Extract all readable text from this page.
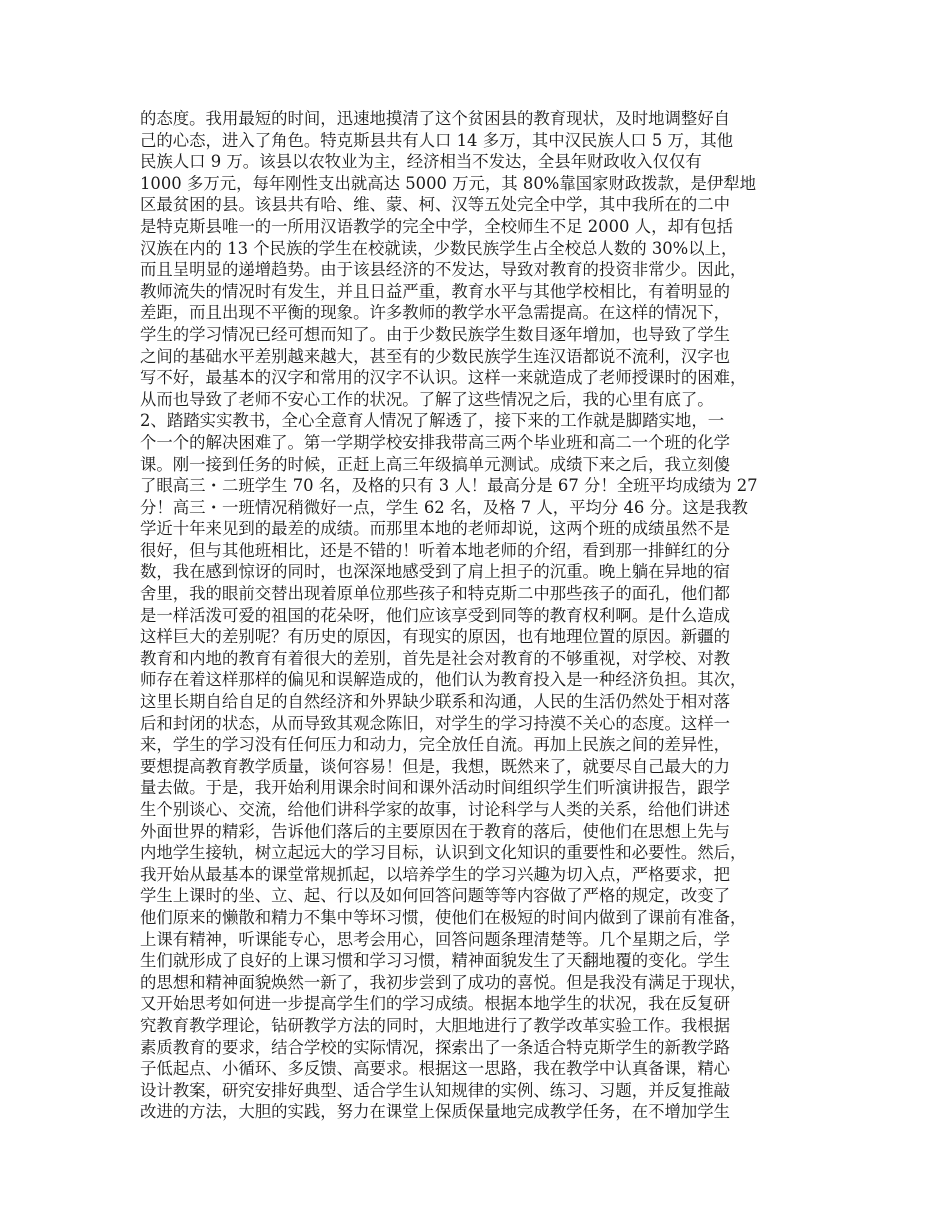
的态度。我用最短的时间，迅速地摸清了这个贫困县的教育现状，及时地调整好自
己的心态，进入了角色。特克斯县共有人口 14 多万，其中汉民族人口 5 万，其他
民族人口 9 万。该县以农牧业为主，经济相当不发达，全县年财政收入仅仅有
1000 多万元，每年刚性支出就高达 5000 万元，其 80%靠国家财政拨款，是伊犁地
区最贫困的县。该县共有哈、维、蒙、柯、汉等五处完全中学，其中我所在的二中
是特克斯县唯一的一所用汉语教学的完全中学，全校师生不足 2000 人，却有包括
汉族在内的 13 个民族的学生在校就读，少数民族学生占全校总人数的 30%以上，
而且呈明显的递增趋势。由于该县经济的不发达，导致对教育的投资非常少。因此，
教师流失的情况时有发生，并且日益严重，教育水平与其他学校相比，有着明显的
差距，而且出现不平衡的现象。许多教师的教学水平急需提高。在这样的情况下，
学生的学习情况已经可想而知了。由于少数民族学生数目逐年增加，也导致了学生
之间的基础水平差别越来越大，甚至有的少数民族学生连汉语都说不流利，汉字也
写不好，最基本的汉字和常用的汉字不认识。这样一来就造成了老师授课时的困难，
从而也导致了老师不安心工作的状况。了解了这些情况之后，我的心里有底了。
2、踏踏实实教书，全心全意育人情况了解透了，接下来的工作就是脚踏实地，一
个一个的解决困难了。第一学期学校安排我带高三两个毕业班和高二一个班的化学
课。刚一接到任务的时候，正赶上高三年级搞单元测试。成绩下来之后，我立刻傻
了眼高三・二班学生 70 名，及格的只有 3 人！最高分是 67 分！全班平均成绩为 27
分！高三・一班情况稍微好一点，学生 62 名，及格 7 人，平均分 46 分。这是我教
学近十年来见到的最差的成绩。而那里本地的老师却说，这两个班的成绩虽然不是
很好，但与其他班相比，还是不错的！听着本地老师的介绍，看到那一排鲜红的分
数，我在感到惊讶的同时，也深深地感受到了肩上担子的沉重。晚上躺在异地的宿
舍里，我的眼前交替出现着原单位那些孩子和特克斯二中那些孩子的面孔，他们都
是一样活泼可爱的祖国的花朵呀，他们应该享受到同等的教育权利啊。是什么造成
这样巨大的差别呢？有历史的原因，有现实的原因，也有地理位置的原因。新疆的
教育和内地的教育有着很大的差别，首先是社会对教育的不够重视，对学校、对教
师存在着这样那样的偏见和误解造成的，他们认为教育投入是一种经济负担。其次，
这里长期自给自足的自然经济和外界缺少联系和沟通，人民的生活仍然处于相对落
后和封闭的状态，从而导致其观念陈旧，对学生的学习持漠不关心的态度。这样一
来，学生的学习没有任何压力和动力，完全放任自流。再加上民族之间的差异性，
要想提高教育教学质量，谈何容易！但是，我想，既然来了，就要尽自己最大的力
量去做。于是，我开始利用课余时间和课外活动时间组织学生们听演讲报告，跟学
生个别谈心、交流，给他们讲科学家的故事，讨论科学与人类的关系，给他们讲述
外面世界的精彩，告诉他们落后的主要原因在于教育的落后，使他们在思想上先与
内地学生接轨，树立起远大的学习目标，认识到文化知识的重要性和必要性。然后，
我开始从最基本的课堂常规抓起，以培养学生的学习兴趣为切入点，严格要求，把
学生上课时的坐、立、起、行以及如何回答问题等等内容做了严格的规定，改变了
他们原来的懒散和精力不集中等坏习惯，使他们在极短的时间内做到了课前有准备，
上课有精神，听课能专心，思考会用心，回答问题条理清楚等。几个星期之后，学
生们就形成了良好的上课习惯和学习习惯，精神面貌发生了天翻地覆的变化。学生
的思想和精神面貌焕然一新了，我初步尝到了成功的喜悦。但是我没有满足于现状，
又开始思考如何进一步提高学生们的学习成绩。根据本地学生的状况，我在反复研
究教育教学理论，钻研教学方法的同时，大胆地进行了教学改革实验工作。我根据
素质教育的要求，结合学校的实际情况，探索出了一条适合特克斯学生的新教学路
子低起点、小循环、多反馈、高要求。根据这一思路，我在教学中认真备课，精心
设计教案，研究安排好典型、适合学生认知规律的实例、练习、习题，并反复推敲
改进的方法，大胆的实践，努力在课堂上保质保量地完成教学任务，在不增加学生
